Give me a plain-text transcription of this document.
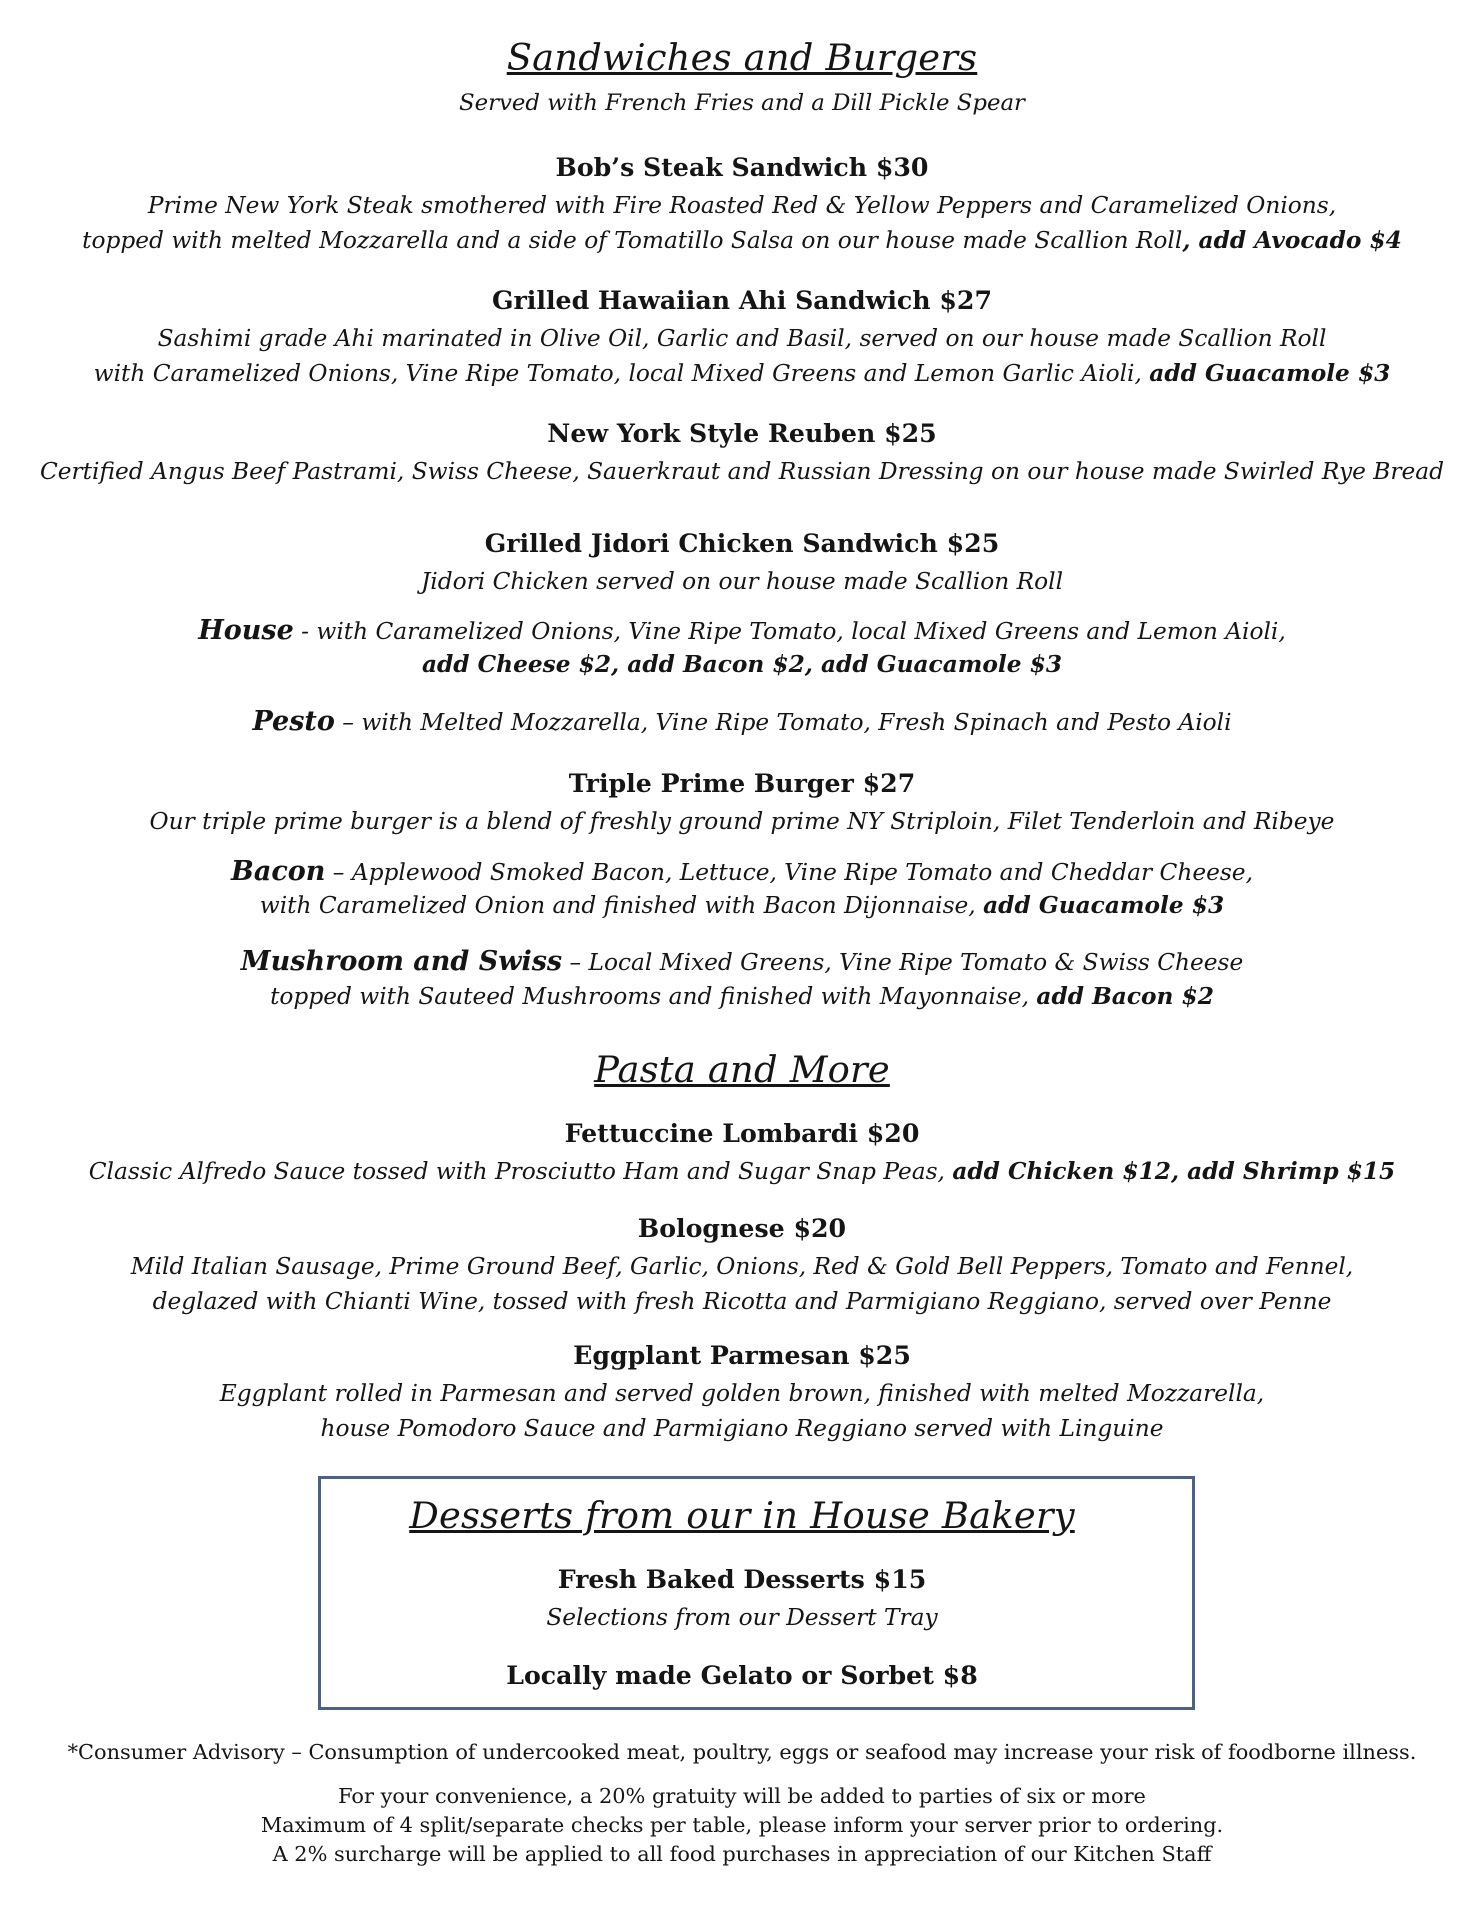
Sandwiches and Burgers
Served with French Fries and a Dill Pickle Spear
Bob’s Steak Sandwich $30
Prime New York Steak smothered with Fire Roasted Red & Yellow Peppers and Caramelized Onions,
topped with melted Mozzarella and a side of Tomatillo Salsa on our house made Scallion Roll, add Avocado $4
Grilled Hawaiian Ahi Sandwich $27
Sashimi grade Ahi marinated in Olive Oil, Garlic and Basil, served on our house made Scallion Roll
with Caramelized Onions, Vine Ripe Tomato, local Mixed Greens and Lemon Garlic Aioli, add Guacamole $3
New York Style Reuben $25
Certified Angus Beef Pastrami, Swiss Cheese, Sauerkraut and Russian Dressing on our house made Swirled Rye Bread
Grilled Jidori Chicken Sandwich $25
Jidori Chicken served on our house made Scallion Roll
House - with Caramelized Onions, Vine Ripe Tomato, local Mixed Greens and Lemon Aioli,
add Cheese $2, add Bacon $2, add Guacamole $3
Pesto – with Melted Mozzarella, Vine Ripe Tomato, Fresh Spinach and Pesto Aioli
Triple Prime Burger $27
Our triple prime burger is a blend of freshly ground prime NY Striploin, Filet Tenderloin and Ribeye
Bacon – Applewood Smoked Bacon, Lettuce, Vine Ripe Tomato and Cheddar Cheese,
with Caramelized Onion and finished with Bacon Dijonnaise, add Guacamole $3
Mushroom and Swiss – Local Mixed Greens, Vine Ripe Tomato & Swiss Cheese
topped with Sauteed Mushrooms and finished with Mayonnaise, add Bacon $2
Pasta and More
Fettuccine Lombardi $20
Classic Alfredo Sauce tossed with Prosciutto Ham and Sugar Snap Peas, add Chicken $12, add Shrimp $15
Bolognese $20
Mild Italian Sausage, Prime Ground Beef, Garlic, Onions, Red & Gold Bell Peppers, Tomato and Fennel,
deglazed with Chianti Wine, tossed with fresh Ricotta and Parmigiano Reggiano, served over Penne
Eggplant Parmesan $25
Eggplant rolled in Parmesan and served golden brown, finished with melted Mozzarella,
house Pomodoro Sauce and Parmigiano Reggiano served with Linguine
Desserts from our in House Bakery
Fresh Baked Desserts $15
Selections from our Dessert Tray
Locally made Gelato or Sorbet $8
*Consumer Advisory – Consumption of undercooked meat, poultry, eggs or seafood may increase your risk of foodborne illness.
For your convenience, a 20% gratuity will be added to parties of six or more
Maximum of 4 split/separate checks per table, please inform your server prior to ordering.
A 2% surcharge will be applied to all food purchases in appreciation of our Kitchen Staff
